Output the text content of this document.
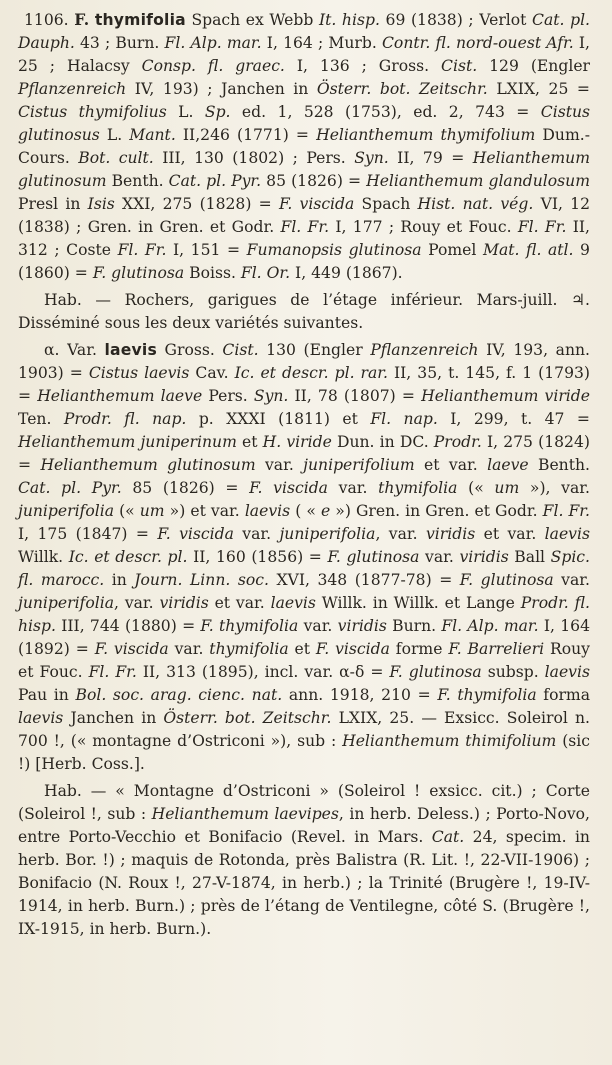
1106. F. thymifolia Spach ex Webb It. hisp. 69 (1838) ; Verlot Cat. pl. Dauph. 43 ; Burn. Fl. Alp. mar. I, 164 ; Murb. Contr. fl. nord-ouest Afr. I, 25 ; Halacsy Consp. fl. graec. I, 136 ; Gross. Cist. 129 (Engler Pflanzenreich IV, 193) ; Janchen in Österr. bot. Zeitschr. LXIX, 25 = Cistus thymifolius L. Sp. ed. 1, 528 (1753), ed. 2, 743 = Cistus glutinosus L. Mant. II,246 (1771) = Helianthemum thymifolium Dum.-Cours. Bot. cult. III, 130 (1802) ; Pers. Syn. II, 79 = Helianthemum glutinosum Benth. Cat. pl. Pyr. 85 (1826) = Helianthemum glandulosum Presl in Isis XXI, 275 (1828) = F. viscida Spach Hist. nat. vég. VI, 12 (1838) ; Gren. in Gren. et Godr. Fl. Fr. I, 177 ; Rouy et Fouc. Fl. Fr. II, 312 ; Coste Fl. Fr. I, 151 = Fumanopsis glutinosa Pomel Mat. fl. atl. 9 (1860) = F. glutinosa Boiss. Fl. Or. I, 449 (1867).

Hab. — Rochers, garigues de l’étage inférieur. Mars-juill. ♃. Disséminé sous les deux variétés suivantes.

α. Var. laevis Gross. Cist. 130 (Engler Pflanzenreich IV, 193, ann. 1903) = Cistus laevis Cav. Ic. et descr. pl. rar. II, 35, t. 145, f. 1 (1793) = Helianthemum laeve Pers. Syn. II, 78 (1807) = Helianthemum viride Ten. Prodr. fl. nap. p. XXXI (1811) et Fl. nap. I, 299, t. 47 = Helianthemum juniperinum et H. viride Dun. in DC. Prodr. I, 275 (1824) = Helianthemum glutinosum var. juniperifolium et var. laeve Benth. Cat. pl. Pyr. 85 (1826) = F. viscida var. thymifolia (« um »), var. juniperifolia (« um ») et var. laevis ( « e ») Gren. in Gren. et Godr. Fl. Fr. I, 175 (1847) = F. viscida var. juniperifolia, var. viridis et var. laevis Willk. Ic. et descr. pl. II, 160 (1856) = F. glutinosa var. viridis Ball Spic. fl. marocc. in Journ. Linn. soc. XVI, 348 (1877-78) = F. glutinosa var. juniperifolia, var. viridis et var. laevis Willk. in Willk. et Lange Prodr. fl. hisp. III, 744 (1880) = F. thymifolia var. viridis Burn. Fl. Alp. mar. I, 164 (1892) = F. viscida var. thymifolia et F. viscida forme F. Barrelieri Rouy et Fouc. Fl. Fr. II, 313 (1895), incl. var. α-δ = F. glutinosa subsp. laevis Pau in Bol. soc. arag. cienc. nat. ann. 1918, 210 = F. thymifolia forma laevis Janchen in Österr. bot. Zeitschr. LXIX, 25. — Exsicc. Soleirol n. 700 !, (« montagne d’Ostriconi »), sub : Helianthemum thimifolium (sic !) [Herb. Coss.].

Hab. — « Montagne d’Ostriconi » (Soleirol ! exsicc. cit.) ; Corte (Soleirol !, sub : Helianthemum laevipes, in herb. Deless.) ; Porto-Novo, entre Porto-Vecchio et Bonifacio (Revel. in Mars. Cat. 24, specim. in herb. Bor. !) ; maquis de Rotonda, près Balistra (R. Lit. !, 22-VII-1906) ; Bonifacio (N. Roux !, 27-V-1874, in herb.) ; la Trinité (Brugère !, 19-IV-1914, in herb. Burn.) ; près de l’étang de Ventilegne, côté S. (Brugère !, IX-1915, in herb. Burn.).
